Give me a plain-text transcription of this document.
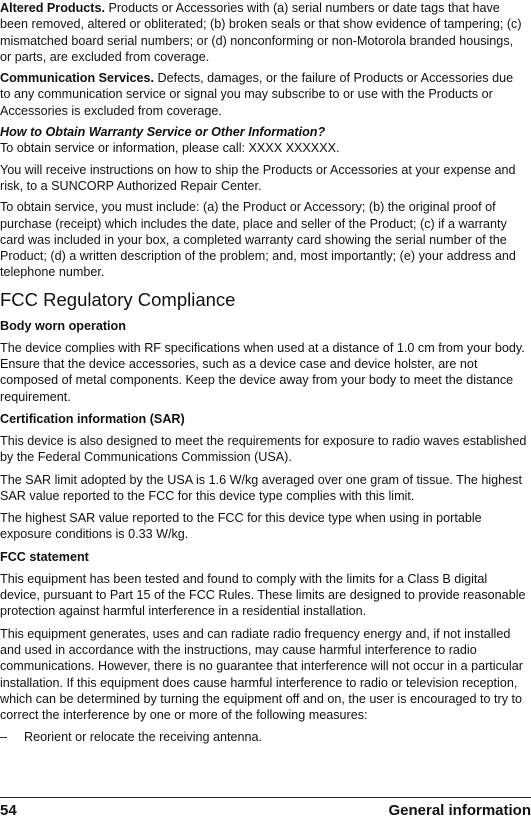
Altered Products. Products or Accessories with (a) serial numbers or date tags that have been removed, altered or obliterated; (b) broken seals or that show evidence of tampering; (c) mismatched board serial numbers; or (d) nonconforming or non-Motorola branded housings, or parts, are excluded from coverage.

Communication Services. Defects, damages, or the failure of Products or Accessories due to any communication service or signal you may subscribe to or use with the Products or Accessories is excluded from coverage.

How to Obtain Warranty Service or Other Information?
To obtain service or information, please call: XXXX XXXXXX.

You will receive instructions on how to ship the Products or Accessories at your expense and risk, to a SUNCORP Authorized Repair Center.

To obtain service, you must include: (a) the Product or Accessory; (b) the original proof of purchase (receipt) which includes the date, place and seller of the Product; (c) if a warranty card was included in your box, a completed warranty card showing the serial number of the Product; (d) a written description of the problem; and, most importantly; (e) your address and telephone number.

FCC Regulatory Compliance
Body worn operation

The device complies with RF specifications when used at a distance of 1.0 cm from your body. Ensure that the device accessories, such as a device case and device holster, are not composed of metal components. Keep the device away from your body to meet the distance requirement.

Certification information (SAR)

This device is also designed to meet the requirements for exposure to radio waves established by the Federal Communications Commission (USA).

The SAR limit adopted by the USA is 1.6 W/kg averaged over one gram of tissue. The highest SAR value reported to the FCC for this device type complies with this limit.

The highest SAR value reported to the FCC for this device type when using in portable exposure conditions is 0.33 W/kg.

FCC statement

This equipment has been tested and found to comply with the limits for a Class B digital device, pursuant to Part 15 of the FCC Rules. These limits are designed to provide reasonable protection against harmful interference in a residential installation.

This equipment generates, uses and can radiate radio frequency energy and, if not installed and used in accordance with the instructions, may cause harmful interference to radio communications. However, there is no guarantee that interference will not occur in a particular installation. If this equipment does cause harmful interference to radio or television reception, which can be determined by turning the equipment off and on, the user is encouraged to try to correct the interference by one or more of the following measures:

–	Reorient or relocate the receiving antenna.
54	General information
